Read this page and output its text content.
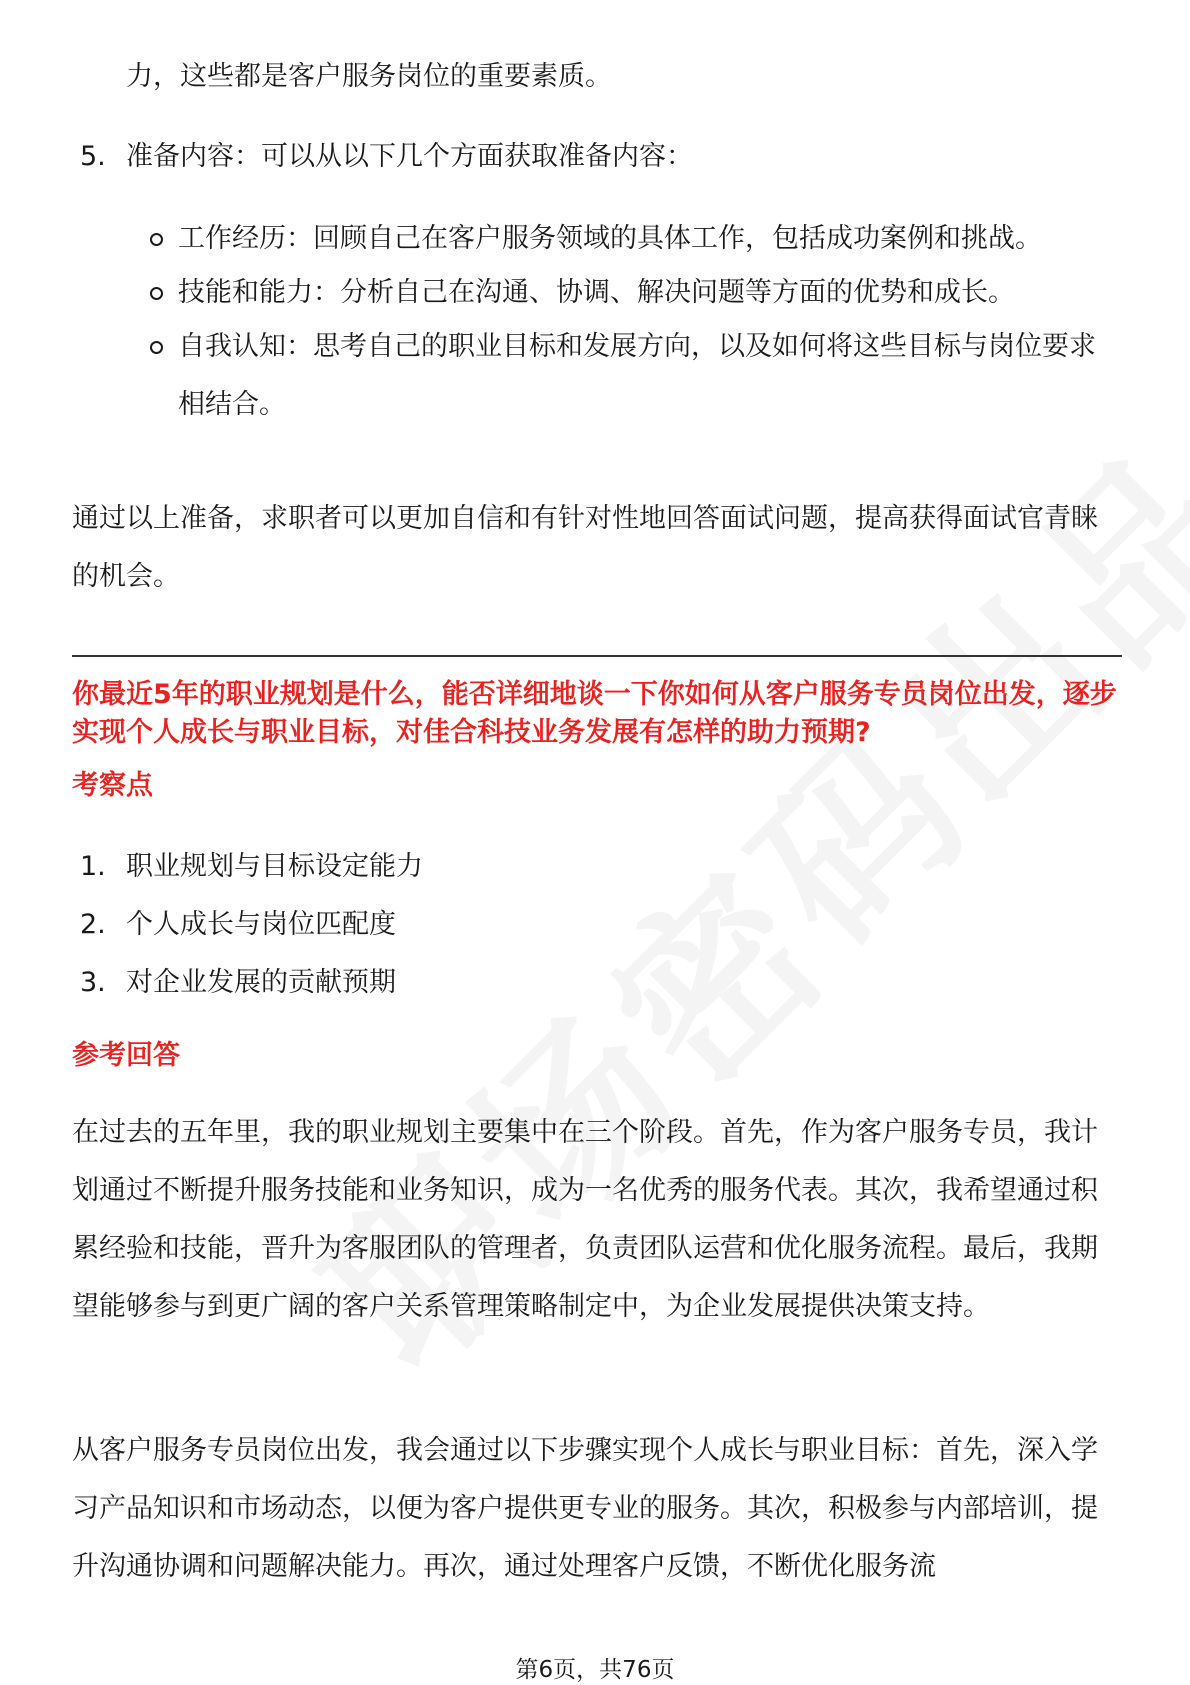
力，这些都是客户服务岗位的重要素质。

5. 准备内容：可以从以下几个方面获取准备内容：
工作经历：回顾自己在客户服务领域的具体工作，包括成功案例和挑战。
技能和能力：分析自己在沟通、协调、解决问题等方面的优势和成长。
自我认知：思考自己的职业目标和发展方向，以及如何将这些目标与岗位要求相结合。

通过以上准备，求职者可以更加自信和有针对性地回答面试问题，提高获得面试官青睐的机会。

你最近5年的职业规划是什么，能否详细地谈一下你如何从客户服务专员岗位出发，逐步实现个人成长与职业目标，对佳合科技业务发展有怎样的助力预期?

考察点

1. 职业规划与目标设定能力
2. 个人成长与岗位匹配度
3. 对企业发展的贡献预期

参考回答

在过去的五年里，我的职业规划主要集中在三个阶段。首先，作为客户服务专员，我计划通过不断提升服务技能和业务知识，成为一名优秀的服务代表。其次，我希望通过积累经验和技能，晋升为客服团队的管理者，负责团队运营和优化服务流程。最后，我期望能够参与到更广阔的客户关系管理策略制定中，为企业发展提供决策支持。

从客户服务专员岗位出发，我会通过以下步骤实现个人成长与职业目标：首先，深入学习产品知识和市场动态，以便为客户提供更专业的服务。其次，积极参与内部培训，提升沟通协调和问题解决能力。再次，通过处理客户反馈，不断优化服务流

第6页，共76页
